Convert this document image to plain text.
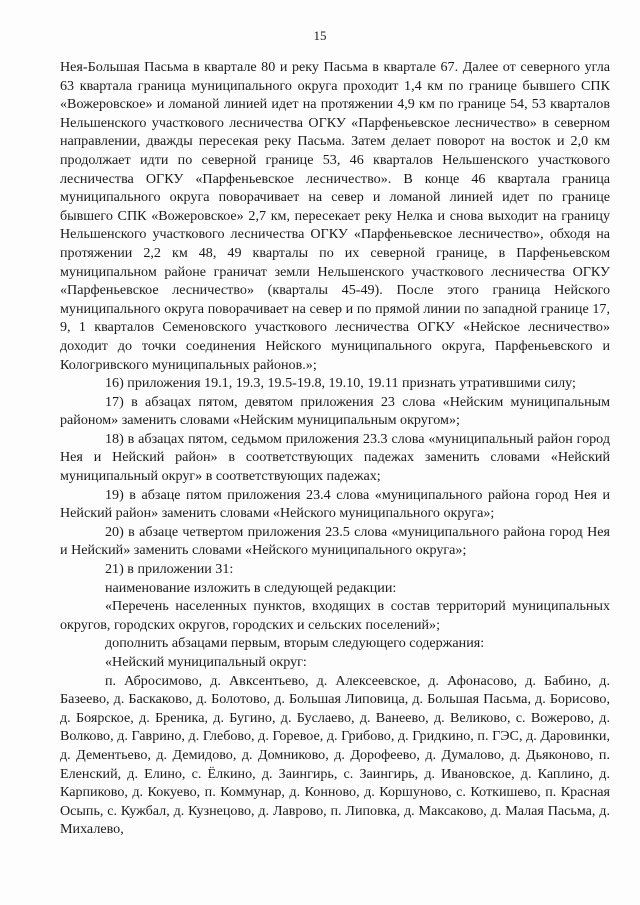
15

Нея-Большая Пасьма в квартале 80 и реку Пасьма в квартале 67. Далее от северного угла 63 квартала граница муниципального округа проходит 1,4 км по границе бывшего СПК «Вожеровское» и ломаной линией идет на протяжении 4,9 км по границе 54, 53 кварталов Нельшенского участкового лесничества ОГКУ «Парфеньевское лесничество» в северном направлении, дважды пересекая реку Пасьма. Затем делает поворот на восток и 2,0 км продолжает идти по северной границе 53, 46 кварталов Нельшенского участкового лесничества ОГКУ «Парфеньевское лесничество». В конце 46 квартала граница муниципального округа поворачивает на север и ломаной линией идет по границе бывшего СПК «Вожеровское» 2,7 км, пересекает реку Нелка и снова выходит на границу Нельшенского участкового лесничества ОГКУ «Парфеньевское лесничество», обходя на протяжении 2,2 км 48, 49 кварталы по их северной границе, в Парфеньевском муниципальном районе граничат земли Нельшенского участкового лесничества ОГКУ «Парфеньевское лесничество» (кварталы 45-49). После этого граница Нейского муниципального округа поворачивает на север и по прямой линии по западной границе 17, 9, 1 кварталов Семеновского участкового лесничества ОГКУ «Нейское лесничество» доходит до точки соединения Нейского муниципального округа, Парфеньевского и Кологривского муниципальных районов.»;

16) приложения 19.1, 19.3, 19.5-19.8, 19.10, 19.11 признать утратившими силу;

17) в абзацах пятом, девятом приложения 23 слова «Нейским муниципальным районом» заменить словами «Нейским муниципальным округом»;

18) в абзацах пятом, седьмом приложения 23.3 слова «муниципальный район город Нея и Нейский район» в соответствующих падежах заменить словами «Нейский муниципальный округ» в соответствующих падежах;

19) в абзаце пятом приложения 23.4 слова «муниципального района город Нея и Нейский район» заменить словами «Нейского муниципального округа»;

20) в абзаце четвертом приложения 23.5 слова «муниципального района город Нея и Нейский» заменить словами «Нейского муниципального округа»;

21) в приложении 31:

наименование изложить в следующей редакции:

«Перечень населенных пунктов, входящих в состав территорий муниципальных округов, городских округов, городских и сельских поселений»;

дополнить абзацами первым, вторым следующего содержания:

«Нейский муниципальный округ:

п. Абросимово, д. Авксентьево, д. Алексеевское, д. Афонасово, д. Бабино, д. Базеево, д. Баскаково, д. Болотово, д. Большая Липовица, д. Большая Пасьма, д. Борисово, д. Боярское, д. Бреника, д. Бугино, д. Буслаево, д. Ванеево, д. Великово, с. Вожерово, д. Волково, д. Гаврино, д. Глебово, д. Горевое, д. Грибово, д. Гридкино, п. ГЭС, д. Даровинки, д. Дементьево, д. Демидово, д. Домниково, д. Дорофеево, д. Думалово, д. Дьяконово, п. Еленский, д. Елино, с. Ёлкино, д. Заингирь, с. Заингирь, д. Ивановское, д. Каплино, д. Карпиково, д. Кокуево, п. Коммунар, д. Конново, д. Коршуново, с. Коткишево, п. Красная Осыпь, с. Кужбал, д. Кузнецово, д. Лаврово, п. Липовка, д. Максаково, д. Малая Пасьма, д. Михалево,
